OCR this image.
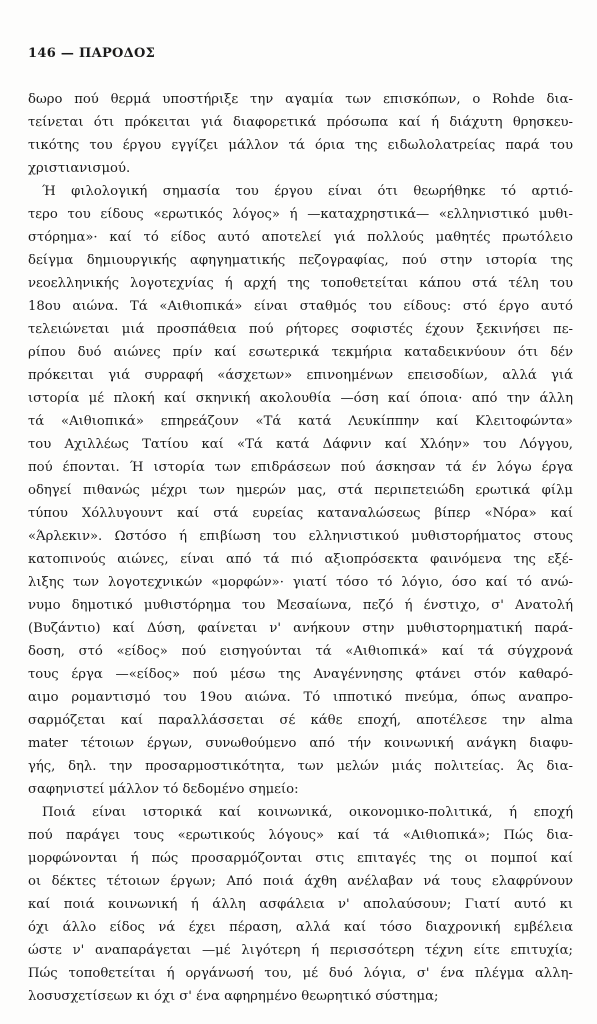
146 — ΠΑΡΟΔΟΣ
δωρο πού θερμά υποστήριξε την αγαμία των επισκόπων, ο Rohde δια-
τείνεται ότι πρόκειται γιά διαφορετικά πρόσωπα καί ή διάχυτη θρησκευ-
τικότης του έργου εγγίζει μάλλον τά όρια της ειδωλολατρείας παρά του
χριστιανισμού.
Ή φιλολογική σημασία του έργου είναι ότι θεωρήθηκε τό αρτιό-
τερο του είδους «ερωτικός λόγος» ή —καταχρηστικά— «ελληνιστικό μυθι-
στόρημα»· καί τό είδος αυτό αποτελεί γιά πολλούς μαθητές πρωτόλειο
δείγμα δημιουργικής αφηγηματικής πεζογραφίας, πού στην ιστορία της
νεοελληνικής λογοτεχνίας ή αρχή της τοποθετείται κάπου στά τέλη του
18ου αιώνα. Τά «Αιθιοπικά» είναι σταθμός του είδους: στό έργο αυτό
τελειώνεται μιά προσπάθεια πού ρήτορες σοφιστές έχουν ξεκινήσει πε-
ρίπου δυό αιώνες πρίν καί εσωτερικά τεκμήρια καταδεικνύουν ότι δέν
πρόκειται γιά συρραφή «άσχετων» επινοημένων επεισοδίων, αλλά γιά
ιστορία μέ πλοκή καί σκηνική ακολουθία —όση καί όποια· από την άλλη
τά «Αιθιοπικά» επηρεάζουν «Τά κατά Λευκίππην καί Κλειτοφώντα»
του Αχιλλέως Τατίου καί «Τά κατά Δάφνιν καί Χλόην» του Λόγγου,
πού έπονται. Ή ιστορία των επιδράσεων πού άσκησαν τά έν λόγω έργα
οδηγεί πιθανώς μέχρι των ημερών μας, στά περιπετειώδη ερωτικά φίλμ
τύπου Χόλλυγουντ καί στά ευρείας καταναλώσεως βίπερ «Νόρα» καί
«Άρλεκιν». Ωστόσο ή επιβίωση του ελληνιστικού μυθιστορήματος στους
κατοπινούς αιώνες, είναι από τά πιό αξιοπρόσεκτα φαινόμενα της εξέ-
λιξης των λογοτεχνικών «μορφών»· γιατί τόσο τό λόγιο, όσο καί τό ανώ-
νυμο δημοτικό μυθιστόρημα του Μεσαίωνα, πεζό ή ένστιχο, σ' Ανατολή
(Βυζάντιο) καί Δύση, φαίνεται ν' ανήκουν στην μυθιστορηματική παρά-
δοση, στό «είδος» πού εισηγούνται τά «Αιθιοπικά» καί τά σύγχρονά
τους έργα —«είδος» πού μέσω της Αναγέννησης φτάνει στόν καθαρό-
αιμο ρομαντισμό του 19ου αιώνα. Τό ιπποτικό πνεύμα, όπως αναπρο-
σαρμόζεται καί παραλλάσσεται σέ κάθε εποχή, αποτέλεσε την alma
mater τέτοιων έργων, συνωθούμενο από τήν κοινωνική ανάγκη διαφυ-
γής, δηλ. την προσαρμοστικότητα, των μελών μιάς πολιτείας. Άς δια-
σαφηνιστεί μάλλον τό δεδομένο σημείο:
Ποιά είναι ιστορικά καί κοινωνικά, οικονομικο-πολιτικά, ή εποχή
πού παράγει τους «ερωτικούς λόγους» καί τά «Αιθιοπικά»; Πώς δια-
μορφώνονται ή πώς προσαρμόζονται στις επιταγές της οι πομποί καί
οι δέκτες τέτοιων έργων; Από ποιά άχθη ανέλαβαν νά τους ελαφρύνουν
καί ποιά κοινωνική ή άλλη ασφάλεια ν' απολαύσουν; Γιατί αυτό κι
όχι άλλο είδος νά έχει πέραση, αλλά καί τόσο διαχρονική εμβέλεια
ώστε ν' αναπαράγεται —μέ λιγότερη ή περισσότερη τέχνη είτε επιτυχία;
Πώς τοποθετείται ή οργάνωσή του, μέ δυό λόγια, σ' ένα πλέγμα αλλη-
λοσυσχετίσεων κι όχι σ' ένα αφηρημένο θεωρητικό σύστημα;
